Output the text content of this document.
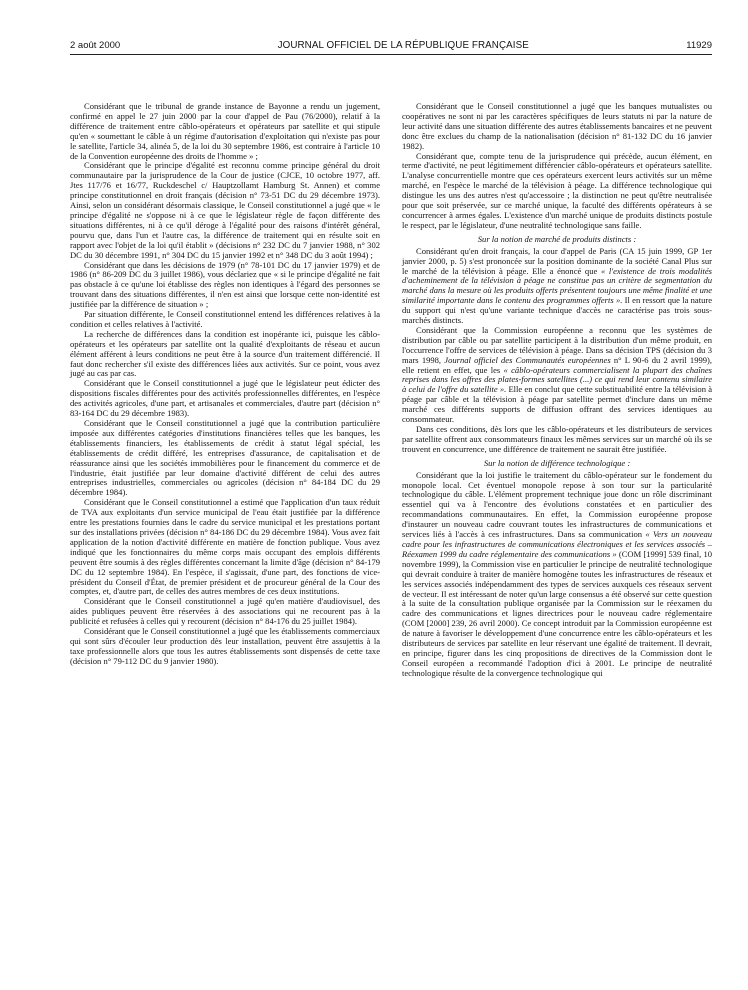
2 août 2000	JOURNAL OFFICIEL DE LA RÉPUBLIQUE FRANÇAISE	11929

Considérant que le tribunal de grande instance de Bayonne a rendu un jugement, confirmé en appel le 27 juin 2000 par la cour d'appel de Pau (76/2000), relatif à la différence de traitement entre câblo-opérateurs et opérateurs par satellite et qui stipule qu'en « soumettant le câble à un régime d'autorisation d'exploitation qui n'existe pas pour le satellite, l'article 34, alinéa 5, de la loi du 30 septembre 1986, est contraire à l'article 10 de la Convention européenne des droits de l'homme » ;

Considérant que le principe d'égalité est reconnu comme principe général du droit communautaire par la jurisprudence de la Cour de justice (CJCE, 10 octobre 1977, aff. Jtes 117/76 et 16/77, Ruckdeschel c/ Hauptzollamt Hamburg St. Annen) et comme principe constitutionnel en droit français (décision n° 73-51 DC du 29 décembre 1973). Ainsi, selon un considérant désormais classique, le Conseil constitutionnel a jugé que « le principe d'égalité ne s'oppose ni à ce que le législateur règle de façon différente des situations différentes, ni à ce qu'il déroge à l'égalité pour des raisons d'intérêt général, pourvu que, dans l'un et l'autre cas, la différence de traitement qui en résulte soit en rapport avec l'objet de la loi qu'il établit » (décisions n° 232 DC du 7 janvier 1988, n° 302 DC du 30 décembre 1991, n° 304 DC du 15 janvier 1992 et n° 348 DC du 3 août 1994) ;

Considérant que dans les décisions de 1979 (n° 78-101 DC du 17 janvier 1979) et de 1986 (n° 86-209 DC du 3 juillet 1986), vous déclariez que « si le principe d'égalité ne fait pas obstacle à ce qu'une loi établisse des règles non identiques à l'égard des personnes se trouvant dans des situations différentes, il n'en est ainsi que lorsque cette non-identité est justifiée par la différence de situation » ;

Par situation différente, le Conseil constitutionnel entend les différences relatives à la condition et celles relatives à l'activité.

La recherche de différences dans la condition est inopérante ici, puisque les câblo-opérateurs et les opérateurs par satellite ont la qualité d'exploitants de réseau et aucun élément afférent à leurs conditions ne peut être à la source d'un traitement différencié. Il faut donc rechercher s'il existe des différences liées aux activités. Sur ce point, vous avez jugé au cas par cas.

Considérant que le Conseil constitutionnel a jugé que le législateur peut édicter des dispositions fiscales différentes pour des activités professionnelles différentes, en l'espèce des activités agricoles, d'une part, et artisanales et commerciales, d'autre part (décision n° 83-164 DC du 29 décembre 1983).

Considérant que le Conseil constitutionnel a jugé que la contribution particulière imposée aux différentes catégories d'institutions financières telles que les banques, les établissements financiers, les établissements de crédit à statut légal spécial, les établissements de crédit différé, les entreprises d'assurance, de capitalisation et de réassurance ainsi que les sociétés immobilières pour le financement du commerce et de l'industrie, était justifiée par leur domaine d'activité différent de celui des autres entreprises industrielles, commerciales ou agricoles (décision n° 84-184 DC du 29 décembre 1984).

Considérant que le Conseil constitutionnel a estimé que l'application d'un taux réduit de TVA aux exploitants d'un service municipal de l'eau était justifiée par la différence entre les prestations fournies dans le cadre du service municipal et les prestations portant sur des installations privées (décision n° 84-186 DC du 29 décembre 1984). Vous avez fait application de la notion d'activité différente en matière de fonction publique. Vous avez indiqué que les fonctionnaires du même corps mais occupant des emplois différents peuvent être soumis à des règles différentes concernant la limite d'âge (décision n° 84-179 DC du 12 septembre 1984). En l'espèce, il s'agissait, d'une part, des fonctions de vice-président du Conseil d'État, de premier président et de procureur général de la Cour des comptes, et, d'autre part, de celles des autres membres de ces deux institutions.

Considérant que le Conseil constitutionnel a jugé qu'en matière d'audiovisuel, des aides publiques peuvent être réservées à des associations qui ne recourent pas à la publicité et refusées à celles qui y recourent (décision n° 84-176 du 25 juillet 1984).

Considérant que le Conseil constitutionnel a jugé que les établissements commerciaux qui sont sûrs d'écouler leur production dès leur installation, peuvent être assujettis à la taxe professionnelle alors que tous les autres établissements sont dispensés de cette taxe (décision n° 79-112 DC du 9 janvier 1980).

Considérant que le Conseil constitutionnel a jugé que les banques mutualistes ou coopératives ne sont ni par les caractères spécifiques de leurs statuts ni par la nature de leur activité dans une situation différente des autres établissements bancaires et ne peuvent donc être exclues du champ de la nationalisation (décision n° 81-132 DC du 16 janvier 1982).

Considérant que, compte tenu de la jurisprudence qui précède, aucun élément, en terme d'activité, ne peut légitimement différencier câblo-opérateurs et opérateurs satellite. L'analyse concurrentielle montre que ces opérateurs exercent leurs activités sur un même marché, en l'espèce le marché de la télévision à péage. La différence technologique qui distingue les uns des autres n'est qu'accessoire ; la distinction ne peut qu'être neutralisée pour que soit préservée, sur ce marché unique, la faculté des différents opérateurs à se concurrencer à armes égales. L'existence d'un marché unique de produits distincts postule le respect, par le législateur, d'une neutralité technologique sans faille.

Sur la notion de marché de produits distincts :

Considérant qu'en droit français, la cour d'appel de Paris (CA 15 juin 1999, GP 1er janvier 2000, p. 5) s'est prononcée sur la position dominante de la société Canal Plus sur le marché de la télévision à péage. Elle a énoncé que « l'existence de trois modalités d'acheminement de la télévision à péage ne constitue pas un critère de segmentation du marché dans la mesure où les produits offerts présentent toujours une même finalité et une similarité importante dans le contenu des programmes offerts ». Il en ressort que la nature du support qui n'est qu'une variante technique d'accès ne caractérise pas trois sous-marchés distincts.

Considérant que la Commission européenne a reconnu que les systèmes de distribution par câble ou par satellite participent à la distribution d'un même produit, en l'occurrence l'offre de services de télévision à péage. Dans sa décision TPS (décision du 3 mars 1998, Journal officiel des Communautés européennes n° L 90-6 du 2 avril 1999), elle retient en effet, que les « câblo-opérateurs commercialisent la plupart des chaînes reprises dans les offres des plates-formes satellites (...) ce qui rend leur contenu similaire à celui de l'offre du satellite ». Elle en conclut que cette substituabilité entre la télévision à péage par câble et la télévision à péage par satellite permet d'inclure dans un même marché ces différents supports de diffusion offrant des services identiques au consommateur.

Dans ces conditions, dès lors que les câblo-opérateurs et les distributeurs de services par satellite offrent aux consommateurs finaux les mêmes services sur un marché où ils se trouvent en concurrence, une différence de traitement ne saurait être justifiée.

Sur la notion de différence technologique :

Considérant que la loi justifie le traitement du câblo-opérateur sur le fondement du monopole local. Cet éventuel monopole repose à son tour sur la particularité technologique du câble. L'élément proprement technique joue donc un rôle discriminant essentiel qui va à l'encontre des évolutions constatées et en particulier des recommandations communautaires. En effet, la Commission européenne propose d'instaurer un nouveau cadre couvrant toutes les infrastructures de communications et services liés à l'accès à ces infrastructures. Dans sa communication « Vers un nouveau cadre pour les infrastructures de communications électroniques et les services associés – Réexamen 1999 du cadre réglementaire des communications » (COM [1999] 539 final, 10 novembre 1999), la Commission vise en particulier le principe de neutralité technologique qui devrait conduire à traiter de manière homogène toutes les infrastructures de réseaux et les services associés indépendamment des types de services auxquels ces réseaux servent de vecteur. Il est intéressant de noter qu'un large consensus a été observé sur cette question à la suite de la consultation publique organisée par la Commission sur le réexamen du cadre des communications et lignes directrices pour le nouveau cadre réglementaire (COM [2000] 239, 26 avril 2000). Ce concept introduit par la Commission européenne est de nature à favoriser le développement d'une concurrence entre les câblo-opérateurs et les distributeurs de services par satellite en leur réservant une égalité de traitement. Il devrait, en principe, figurer dans les cinq propositions de directives de la Commission dont le Conseil européen a recommandé l'adoption d'ici à 2001. Le principe de neutralité technologique résulte de la convergence technologique qui
